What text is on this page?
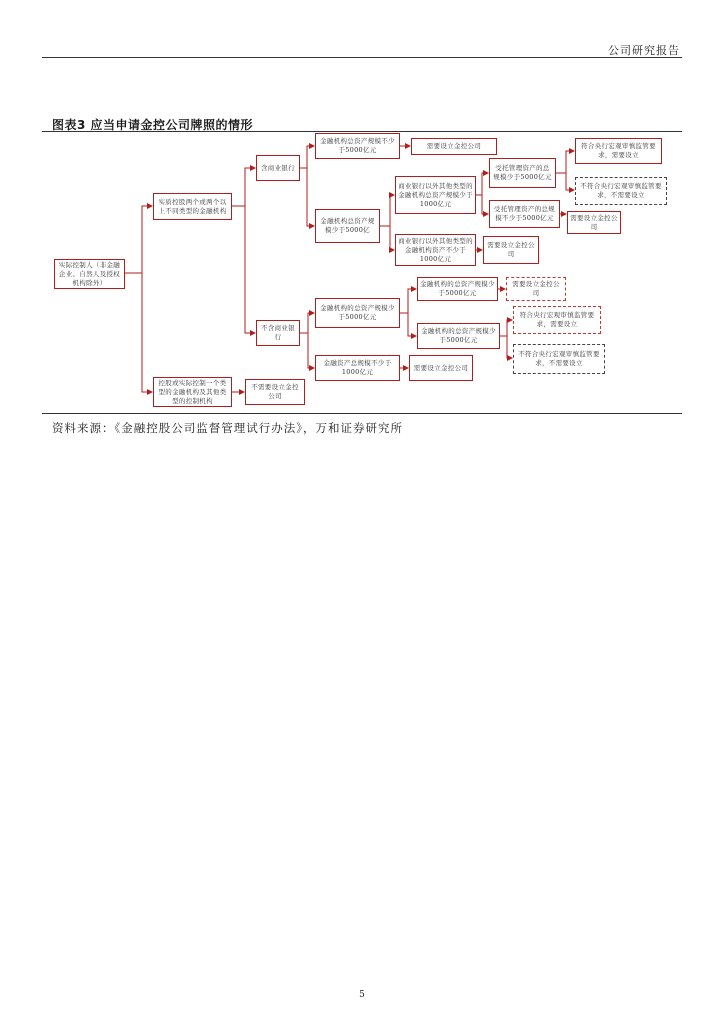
公司研究报告
图表3 应当申请金控公司牌照的情形
实际控制人（非金融企业、自然人及授权机构除外）
实质控股两个或两个以上不同类型的金融机构
控股或实际控制一个类型的金融机构及其他类型的控制机构
含商业银行
不含商业银行
不需要设立金控公司
金融机构总资产规模不少于5000亿元
金融机构总资产规模少于5000亿
金融机构的总资产规模少于5000亿元
金融资产总规模不少于1000亿元
需要设立金控公司
商业银行以外其他类型的金融机构总资产规模少于1000亿元
商业银行以外其他类型的金融机构资产不少于1000亿元
金融机构的总资产规模少于5000亿元
金融机构的总资产规模少于5000亿元
需要设立金控公司
受托管理资产的总规模少于5000亿元
受托管理资产的总规模不少于5000亿元
需要设立金控公司
需要设立金控公司
符合央行宏观审慎监管要求，需要设立
不符合央行宏观审慎监管要求，不需要设立
需要设立金控公司
符合央行宏观审慎监管要求，需要设立
不符合央行宏观审慎监管要求，不需要设立
资料来源：《金融控股公司监督管理试行办法》，万和证券研究所
5
